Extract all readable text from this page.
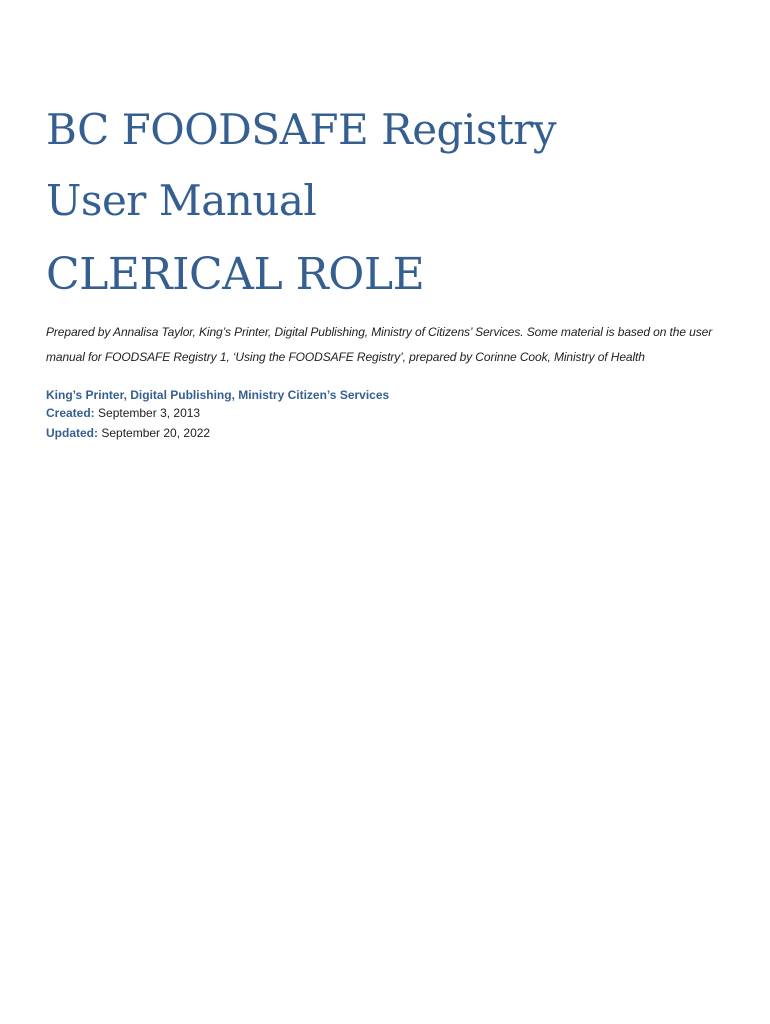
BC FOODSAFE Registry
User Manual
CLERICAL ROLE

Prepared by Annalisa Taylor, King’s Printer, Digital Publishing, Ministry of Citizens’ Services. Some material is based on the user manual for FOODSAFE Registry 1, ‘Using the FOODSAFE Registry’, prepared by Corinne Cook, Ministry of Health

King’s Printer, Digital Publishing, Ministry Citizen’s Services

Created: September 3, 2013

Updated: September 20, 2022
